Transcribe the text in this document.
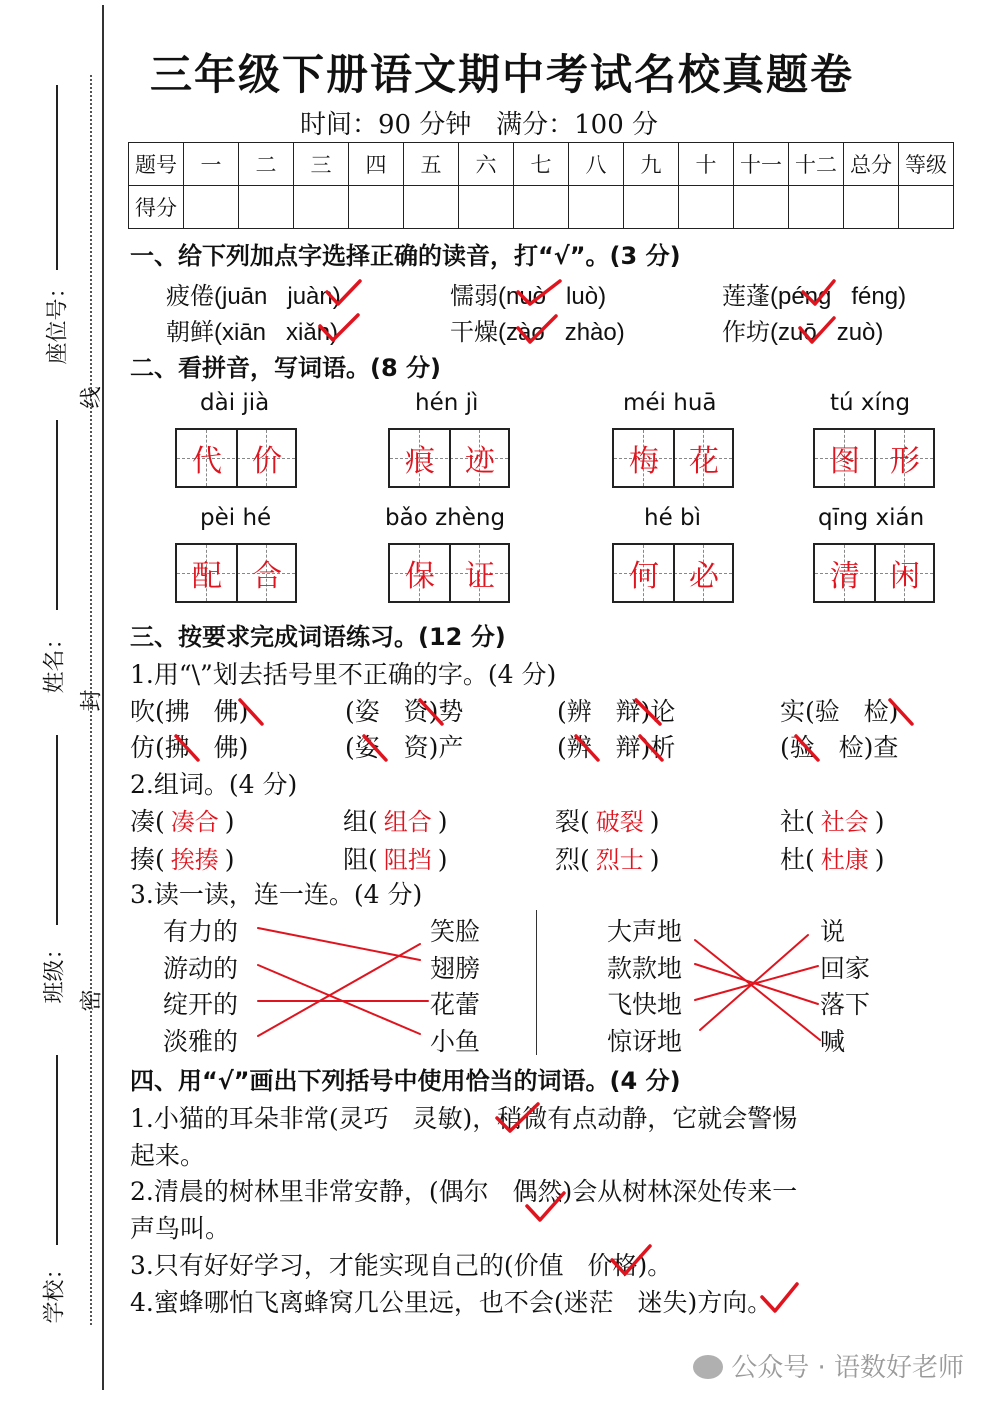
座位号：
姓名：
班级：
学校：
线
封
密
三年级下册语文期中考试名校真题卷
时间：90 分钟   满分：100 分
题号	一	二	三	四	五	六	七	八	九	十	十一	十二	总分	等级
得分														
一、给下列加点字选择正确的读音，打“√”。(3 分)
疲倦(juān   juàn)	懦弱(nuò   luò)	莲蓬(péng   féng)
朝鲜(xiān   xiǎn)	干燥(zào   zhào)	作坊(zuō   zuò)
二、看拼音，写词语。(8 分)
dài jià	hén jì	méi huā	tú xíng
pèi hé	bǎo zhèng	hé bì	qīng xián
代	价	痕	迹	梅	花	图	形
配	合	保	证	何	必	清	闲
三、按要求完成词语练习。(12 分)
1.用“\”划去括号里不正确的字。(4 分)
吹(拂   佛)	(姿   资)势	(辨   辩)论	实(验   检)
仿(拂   佛)	(姿   资)产	(辨   辩)析	(验   检)查
2.组词。(4 分)
凑( 凑合 )	组( 组合 )	裂( 破裂 )	社( 社会 )
揍( 挨揍 )	阻( 阻挡 )	烈( 烈士 )	杜( 杜康 )
3.读一读，连一连。(4 分)
有力的
游动的
绽开的
淡雅的
笑脸
翅膀
花蕾
小鱼
大声地
款款地
飞快地
惊讶地
说
回家
落下
喊
四、用“√”画出下列括号中使用恰当的词语。(4 分)
1.小猫的耳朵非常(灵巧   灵敏)，稍微有点动静，它就会警惕
起来。
2.清晨的树林里非常安静，(偶尔   偶然)会从树林深处传来一
声鸟叫。
3.只有好好学习，才能实现自己的(价值   价格)。
4.蜜蜂哪怕飞离蜂窝几公里远，也不会(迷茫   迷失)方向。
公众号 · 语数好老师
